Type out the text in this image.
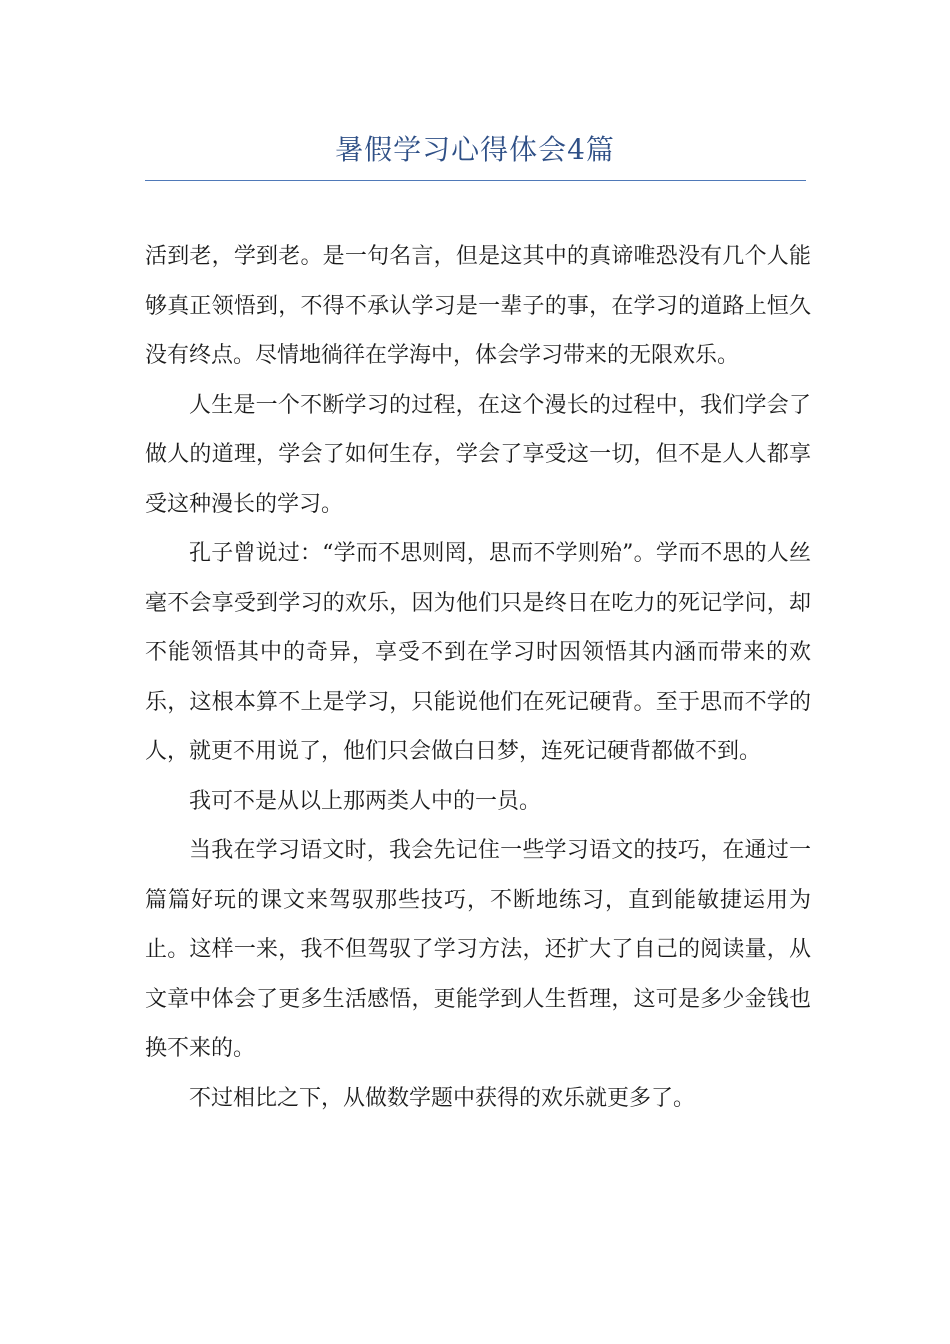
暑假学习心得体会4篇

活到老，学到老。是一句名言，但是这其中的真谛唯恐没有几个人能够真正领悟到，不得不承认学习是一辈子的事，在学习的道路上恒久没有终点。尽情地徜徉在学海中，体会学习带来的无限欢乐。

人生是一个不断学习的过程，在这个漫长的过程中，我们学会了做人的道理，学会了如何生存，学会了享受这一切，但不是人人都享受这种漫长的学习。

孔子曾说过：“学而不思则罔，思而不学则殆”。学而不思的人丝毫不会享受到学习的欢乐，因为他们只是终日在吃力的死记学问，却不能领悟其中的奇异，享受不到在学习时因领悟其内涵而带来的欢乐，这根本算不上是学习，只能说他们在死记硬背。至于思而不学的人，就更不用说了，他们只会做白日梦，连死记硬背都做不到。

我可不是从以上那两类人中的一员。

当我在学习语文时，我会先记住一些学习语文的技巧，在通过一篇篇好玩的课文来驾驭那些技巧，不断地练习，直到能敏捷运用为止。这样一来，我不但驾驭了学习方法，还扩大了自己的阅读量，从文章中体会了更多生活感悟，更能学到人生哲理，这可是多少金钱也换不来的。

不过相比之下，从做数学题中获得的欢乐就更多了。
